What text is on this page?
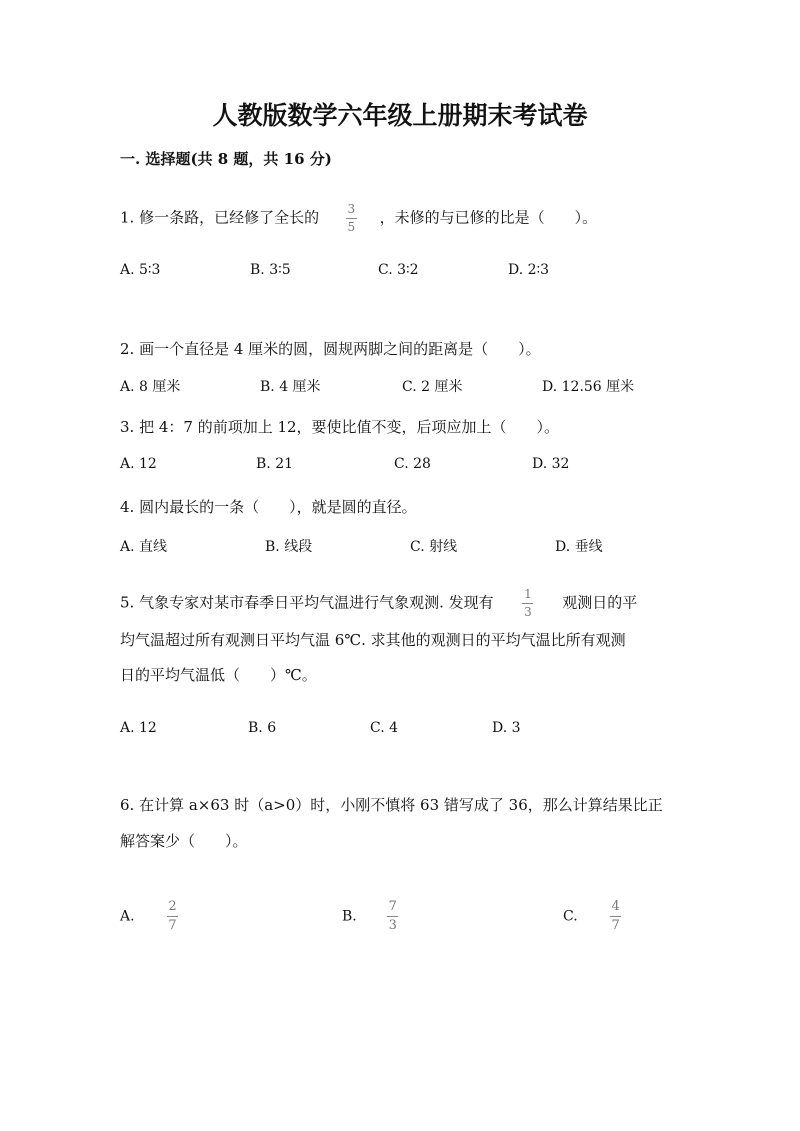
人教版数学六年级上册期末考试卷
一. 选择题(共 8 题，共 16 分)
1. 修一条路，已经修了全长的 $\frac{3}{5}$ ，未修的与已修的比是（　　）。
A. 5∶3	B. 3∶5	C. 3∶2	D. 2∶3
2. 画一个直径是 4 厘米的圆，圆规两脚之间的距离是（　　）。
A. 8 厘米	B. 4 厘米	C. 2 厘米	D. 12.56 厘米
3. 把 4：7 的前项加上 12，要使比值不变，后项应加上（　　）。
A. 12	B. 21	C. 28	D. 32
4. 圆内最长的一条（　　），就是圆的直径。
A. 直线	B. 线段	C. 射线	D. 垂线
5. 气象专家对某市春季日平均气温进行气象观测. 发现有 $\frac{1}{3}$ 观测日的平
均气温超过所有观测日平均气温 6℃. 求其他的观测日的平均气温比所有观测
日的平均气温低（　　）℃。
A. 12	B. 6	C. 4	D. 3
6. 在计算 a×63 时（a>0）时，小刚不慎将 63 错写成了 36，那么计算结果比正
解答案少（　　）。
A. $\frac{2}{7}$	B. $\frac{7}{3}$	C. $\frac{4}{7}$
